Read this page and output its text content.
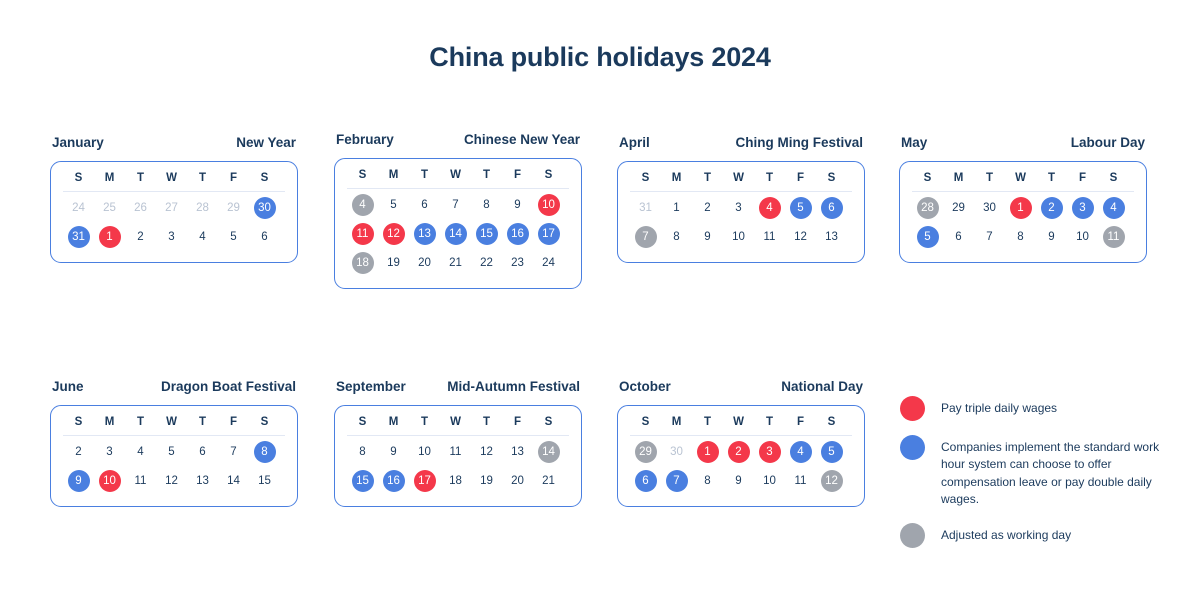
China public holidays 2024
January	New Year
S	M	T	W	T	F	S
24 25 26 27 28 29	30
31	1	2 3 4 5 6
February	Chinese New Year
S	M	T	W	T	F	S
4	5 6 7 8 9	10
11	12	13	14	15	16	17
18	19 20 21 22 23 24
April	Ching Ming Festival
S	M	T	W	T	F	S
31 1 2 3	4	5	6
7	8 9 10 11 12 13
May	Labour Day
S	M	T	W	T	F	S
28	29 30	1	2	3	4
5	6 7 8 9 10	11
June	Dragon Boat Festival
S	M	T	W	T	F	S
2 3 4 5 6 7	8
9	10	11 12 13 14 15
September	Mid-Autumn Festival
S	M	T	W	T	F	S
8 9 10 11 12 13	14
15	16	17	18 19 20 21
October	National Day
S	M	T	W	T	F	S
29	30	1	2	3	4	5
6	7	8 9 10 11	12
Pay triple daily wages
Companies implement the standard work hour system can choose to offer compensation leave or pay double daily wages.
Adjusted as working day
